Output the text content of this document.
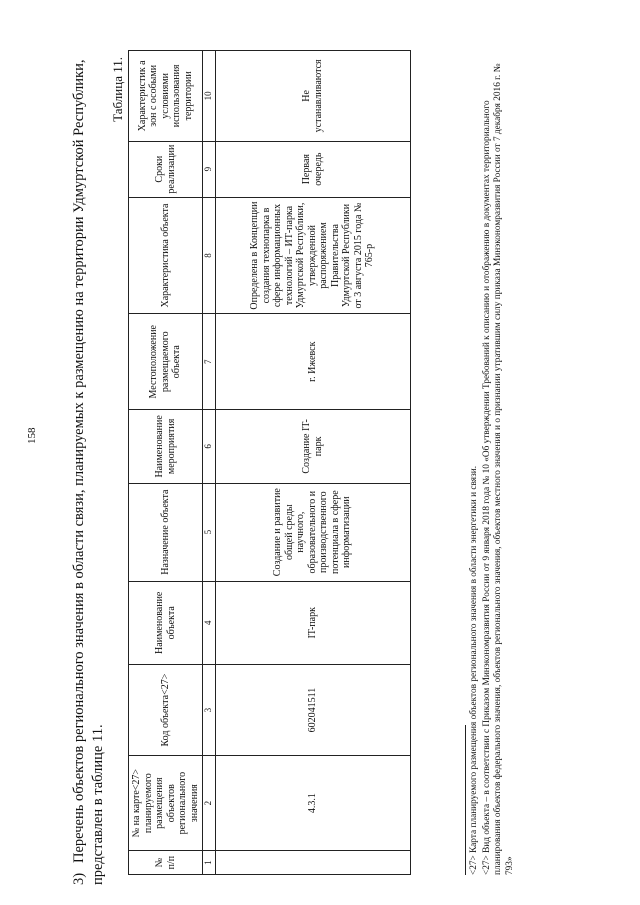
158

3)Перечень объектов регионального значения в области связи, планируемых к размещению на территории Удмуртской Республики, представлен в таблице 11.

Таблица 11.
№ п/п	№ на карте<27> планируемого размещения объектов регионального значения	Код объекта<27>	Наименование объекта	Назначение объекта	Наименование мероприятия	Местоположение размещаемого объекта	Характеристика объекта	Сроки реализации	Характеристик а зон с особыми условиями использования территории
1	2	3	4	5	6	7	8	9	10
	4.3.1	602041511	IT-парк	Создание и развитие общей среды научного, образовательного и производственного потенциала в сфере информатизации	Создание IT-парк	г. Ижевск	Определена в Концепции создания технопарка в сфере информационных технологий – ИТ-парка Удмуртской Республики, утвержденной распоряжением Правительства Удмуртской Республики от 3 августа 2015 года № 765-р	Первая очередь	Не устанавливаются

<27> Карта планируемого размещения объектов регионального значения в области энергетики и связи. <27> Вид объекта – в соответствии с Приказом Минэкономразвития России от 9 января 2018 года № 10 «Об утверждении Требований к описанию и отображению в документах территориального планирования объектов федерального значения, объектов регионального значения, объектов местного значения и о признании утратившим силу приказа Минэкономразвития России от 7 декабря 2016 г. № 793»
